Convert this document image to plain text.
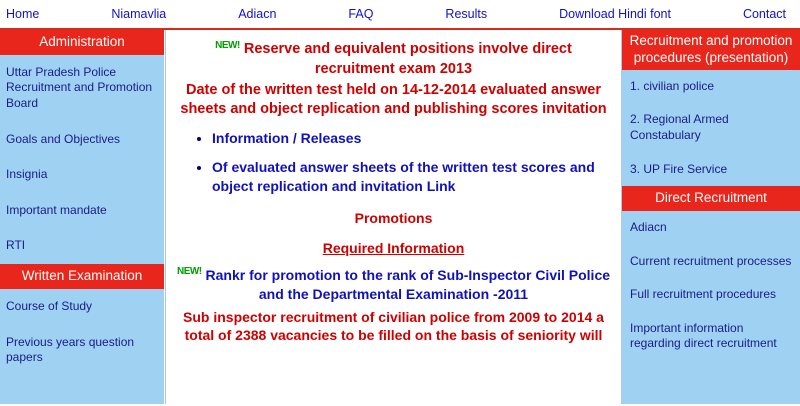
Home	Niamavlia	Adiacn	FAQ	Results	Download Hindi font	Contact
Administration
Uttar Pradesh Police Recruitment and Promotion Board
Goals and Objectives
Insignia
Important mandate
RTI
Written Examination
Course of Study
Previous years question papers
$^{NEW!}$ Reserve and equivalent positions involve direct recruitment exam 2013
Date of the written test held on 14-12-2014 evaluated answer sheets and object replication and publishing scores invitation
• Information / Releases
• Of evaluated answer sheets of the written test scores and object replication and invitation Link
Promotions
Required Information
$^{NEW!}$ Rankr for promotion to the rank of Sub-Inspector Civil Police and the Departmental Examination -2011
Sub inspector recruitment of civilian police from 2009 to 2014 a total of 2388 vacancies to be filled on the basis of seniority will
Recruitment and promotion procedures (presentation)
1. civilian police
2. Regional Armed Constabulary
3. UP Fire Service
Direct Recruitment
Adiacn
Current recruitment processes
Full recruitment procedures
Important information regarding direct recruitment
